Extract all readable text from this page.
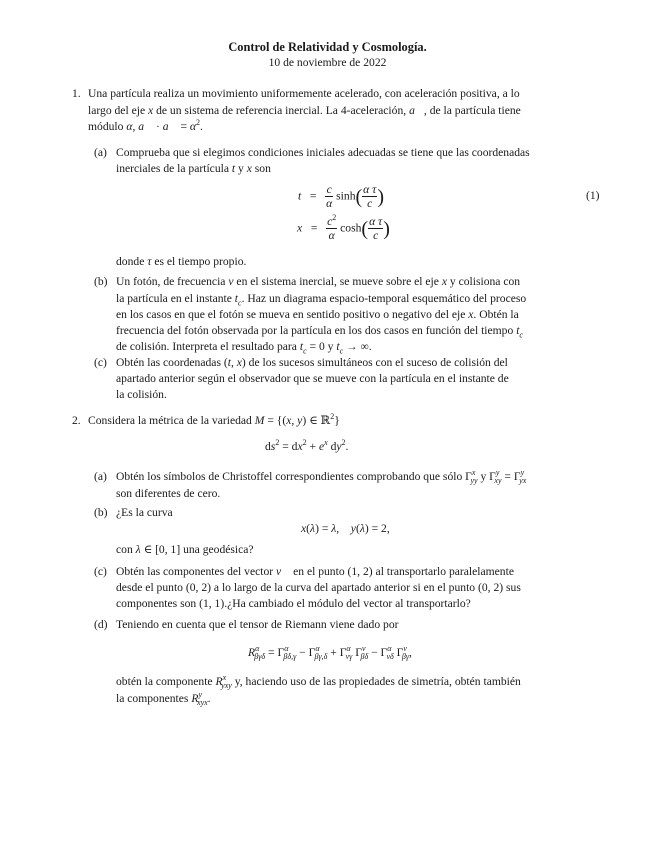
Control de Relatividad y Cosmología.
10 de noviembre de 2022
1. Una partícula realiza un movimiento uniformemente acelerado, con aceleración positiva, a lo
largo del eje x de un sistema de referencia inercial. La 4-aceleración, a⃗, de la partícula tiene
módulo α, a⃗ · a⃗ = $\alpha^2$.
(a) Comprueba que si elegimos condiciones iniciales adecuadas se tiene que las coordenadas
inerciales de la partícula t y x son
$t = \frac{c}{\alpha} \sinh( \frac{\text{α τ}}{c}$ )	(1)
$x = \frac{c^2}{\alpha} \cosh( \frac{\text{α τ}}{c}$ )
donde τ es el tiempo propio.
(b) Un fotón, de frecuencia ν en el sistema inercial, se mueve sobre el eje x y colisiona con
la partícula en el instante $t_c$. Haz un diagrama espacio-temporal esquemático del proceso
en los casos en que el fotón se mueva en sentido positivo o negativo del eje x. Obtén la
frecuencia del fotón observada por la partícula en los dos casos en función del tiempo $t_c$
de colisión. Interpreta el resultado para $t_c = 0$ y $t_c$ → ∞.
(c) Obtén las coordenadas (t, x) de los sucesos simultáneos con el suceso de colisión del
apartado anterior según el observador que se mueve con la partícula en el instante de
la colisión.
2. Considera la métrica de la variedad M = {(x, y) ∈ ℝ$^2$}
$ds^2 = dx^2 + e^x$ $dy^2$.
(a) Obtén los símbolos de Christoffel correspondientes comprobando que sólo $\Gamma^x_{yy}$ y $\Gamma^y_{xy} = \Gamma^y_{yx}$
son diferentes de cero.
(b) ¿Es la curva
x(λ) = λ,    y(λ) = 2,
con λ ∈ [0, 1] una geodésica?
(c) Obtén las componentes del vector v⃗ en el punto (1, 2) al transportarlo paralelamente
desde el punto (0, 2) a lo largo de la curva del apartado anterior si en el punto (0, 2) sus
componentes son (1, 1).¿Ha cambiado el módulo del vector al transportarlo?
(d) Teniendo en cuenta que el tensor de Riemann viene dado por
$R^\alpha_{\beta\gamma\delta} = \Gamma^\alpha_{\beta\delta,\gamma} - \Gamma^\alpha_{\beta\gamma,\delta} + \Gamma^\alpha_{\nu\gamma}$ $\Gamma^\nu_{\beta\delta} - \Gamma^\alpha_{\nu\delta}$ $\Gamma^\nu_{\beta\gamma}$,
obtén la componente $R^x_{yxy}$ y, haciendo uso de las propiedades de simetría, obtén también
la componentes $R^y_{xyx}$.
